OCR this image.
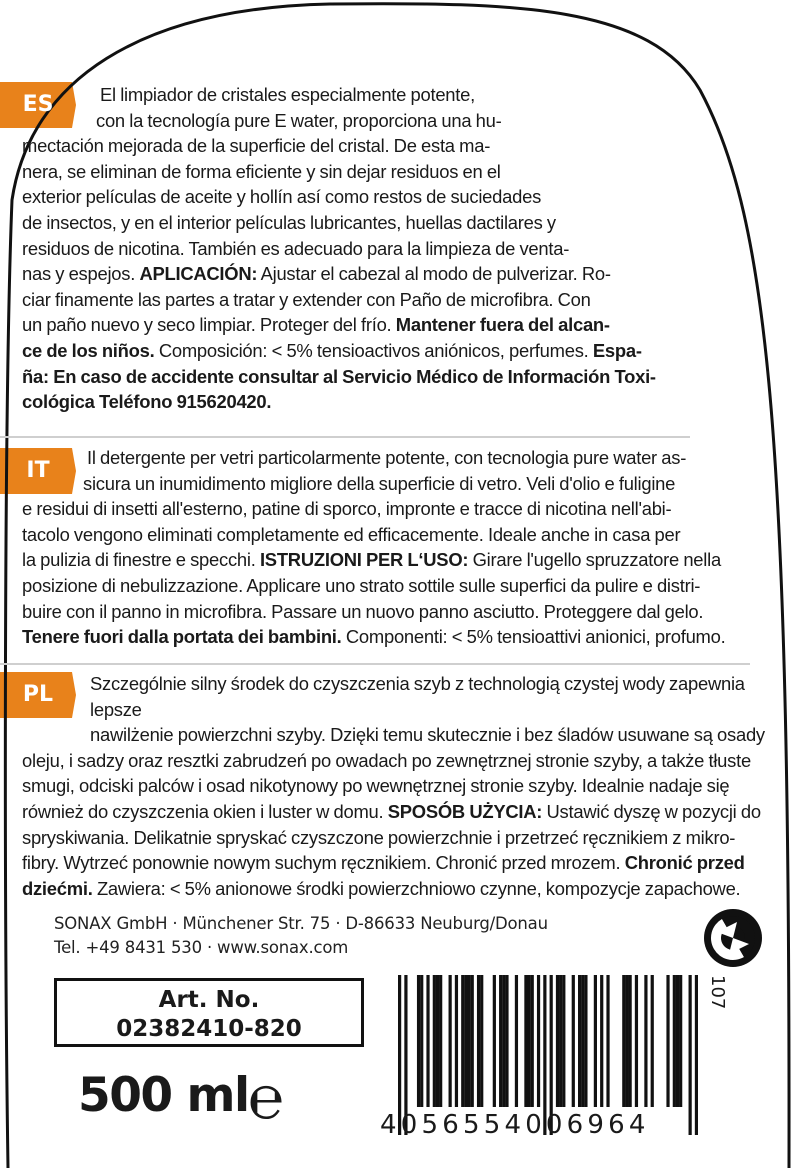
ES	El limpiador de cristales especialmente potente,
con la tecnología pure E water, proporciona una hu-
mectación mejorada de la superficie del cristal. De esta ma-
nera, se eliminan de forma eficiente y sin dejar residuos en el
exterior películas de aceite y hollín así como restos de suciedades
de insectos, y en el interior películas lubricantes, huellas dactilares y
residuos de nicotina. También es adecuado para la limpieza de venta-
nas y espejos. APLICACIÓN: Ajustar el cabezal al modo de pulverizar. Ro-
ciar finamente las partes a tratar y extender con Paño de microfibra. Con
un paño nuevo y seco limpiar. Proteger del frío. Mantener fuera del alcan-
ce de los niños. Composición: < 5% tensioactivos aniónicos, perfumes. Espa-
ña: En caso de accidente consultar al Servicio Médico de Información Toxi-
cológica Teléfono 915620420.
IT
Il detergente per vetri particolarmente potente, con tecnologia pure water as-
sicura un inumidimento migliore della superficie di vetro. Veli d'olio e fuligine
e residui di insetti all'esterno, patine di sporco, impronte e tracce di nicotina nell'abi-
tacolo vengono eliminati completamente ed efficacemente. Ideale anche in casa per
la pulizia di finestre e specchi. ISTRUZIONI PER L‘USO: Girare l'ugello spruzzatore nella
posizione di nebulizzazione. Applicare uno strato sottile sulle superfici da pulire e distri-
buire con il panno in microfibra. Passare un nuovo panno asciutto. Proteggere dal gelo.
Tenere fuori dalla portata dei bambini. Componenti: < 5% tensioattivi anionici, profumo.
PL	Szczególnie silny środek do czyszczenia szyb z technologią czystej wody zapewnia lepsze
nawilżenie powierzchni szyby. Dzięki temu skutecznie i bez śladów usuwane są osady
oleju, i sadzy oraz resztki zabrudzeń po owadach po zewnętrznej stronie szyby, a także tłuste
smugi, odciski palców i osad nikotynowy po wewnętrznej stronie szyby. Idealnie nadaje się
również do czyszczenia okien i luster w domu. SPOSÓB UŻYCIA: Ustawić dyszę w pozycji do
spryskiwania. Delikatnie spryskać czyszczone powierzchnie i przetrzeć ręcznikiem z mikro-
fibry. Wytrzeć ponownie nowym suchym ręcznikiem. Chronić przed mrozem. Chronić przed
dziećmi. Zawiera: < 5% anionowe środki powierzchniowo czynne, kompozycje zapachowe.
SONAX GmbH · Münchener Str. 75 · D-86633 Neuburg/Donau
Tel. +49 8431 530 · www.sonax.com
Art. No.
02382410-820
500 ml ℮	4056554006964
107
